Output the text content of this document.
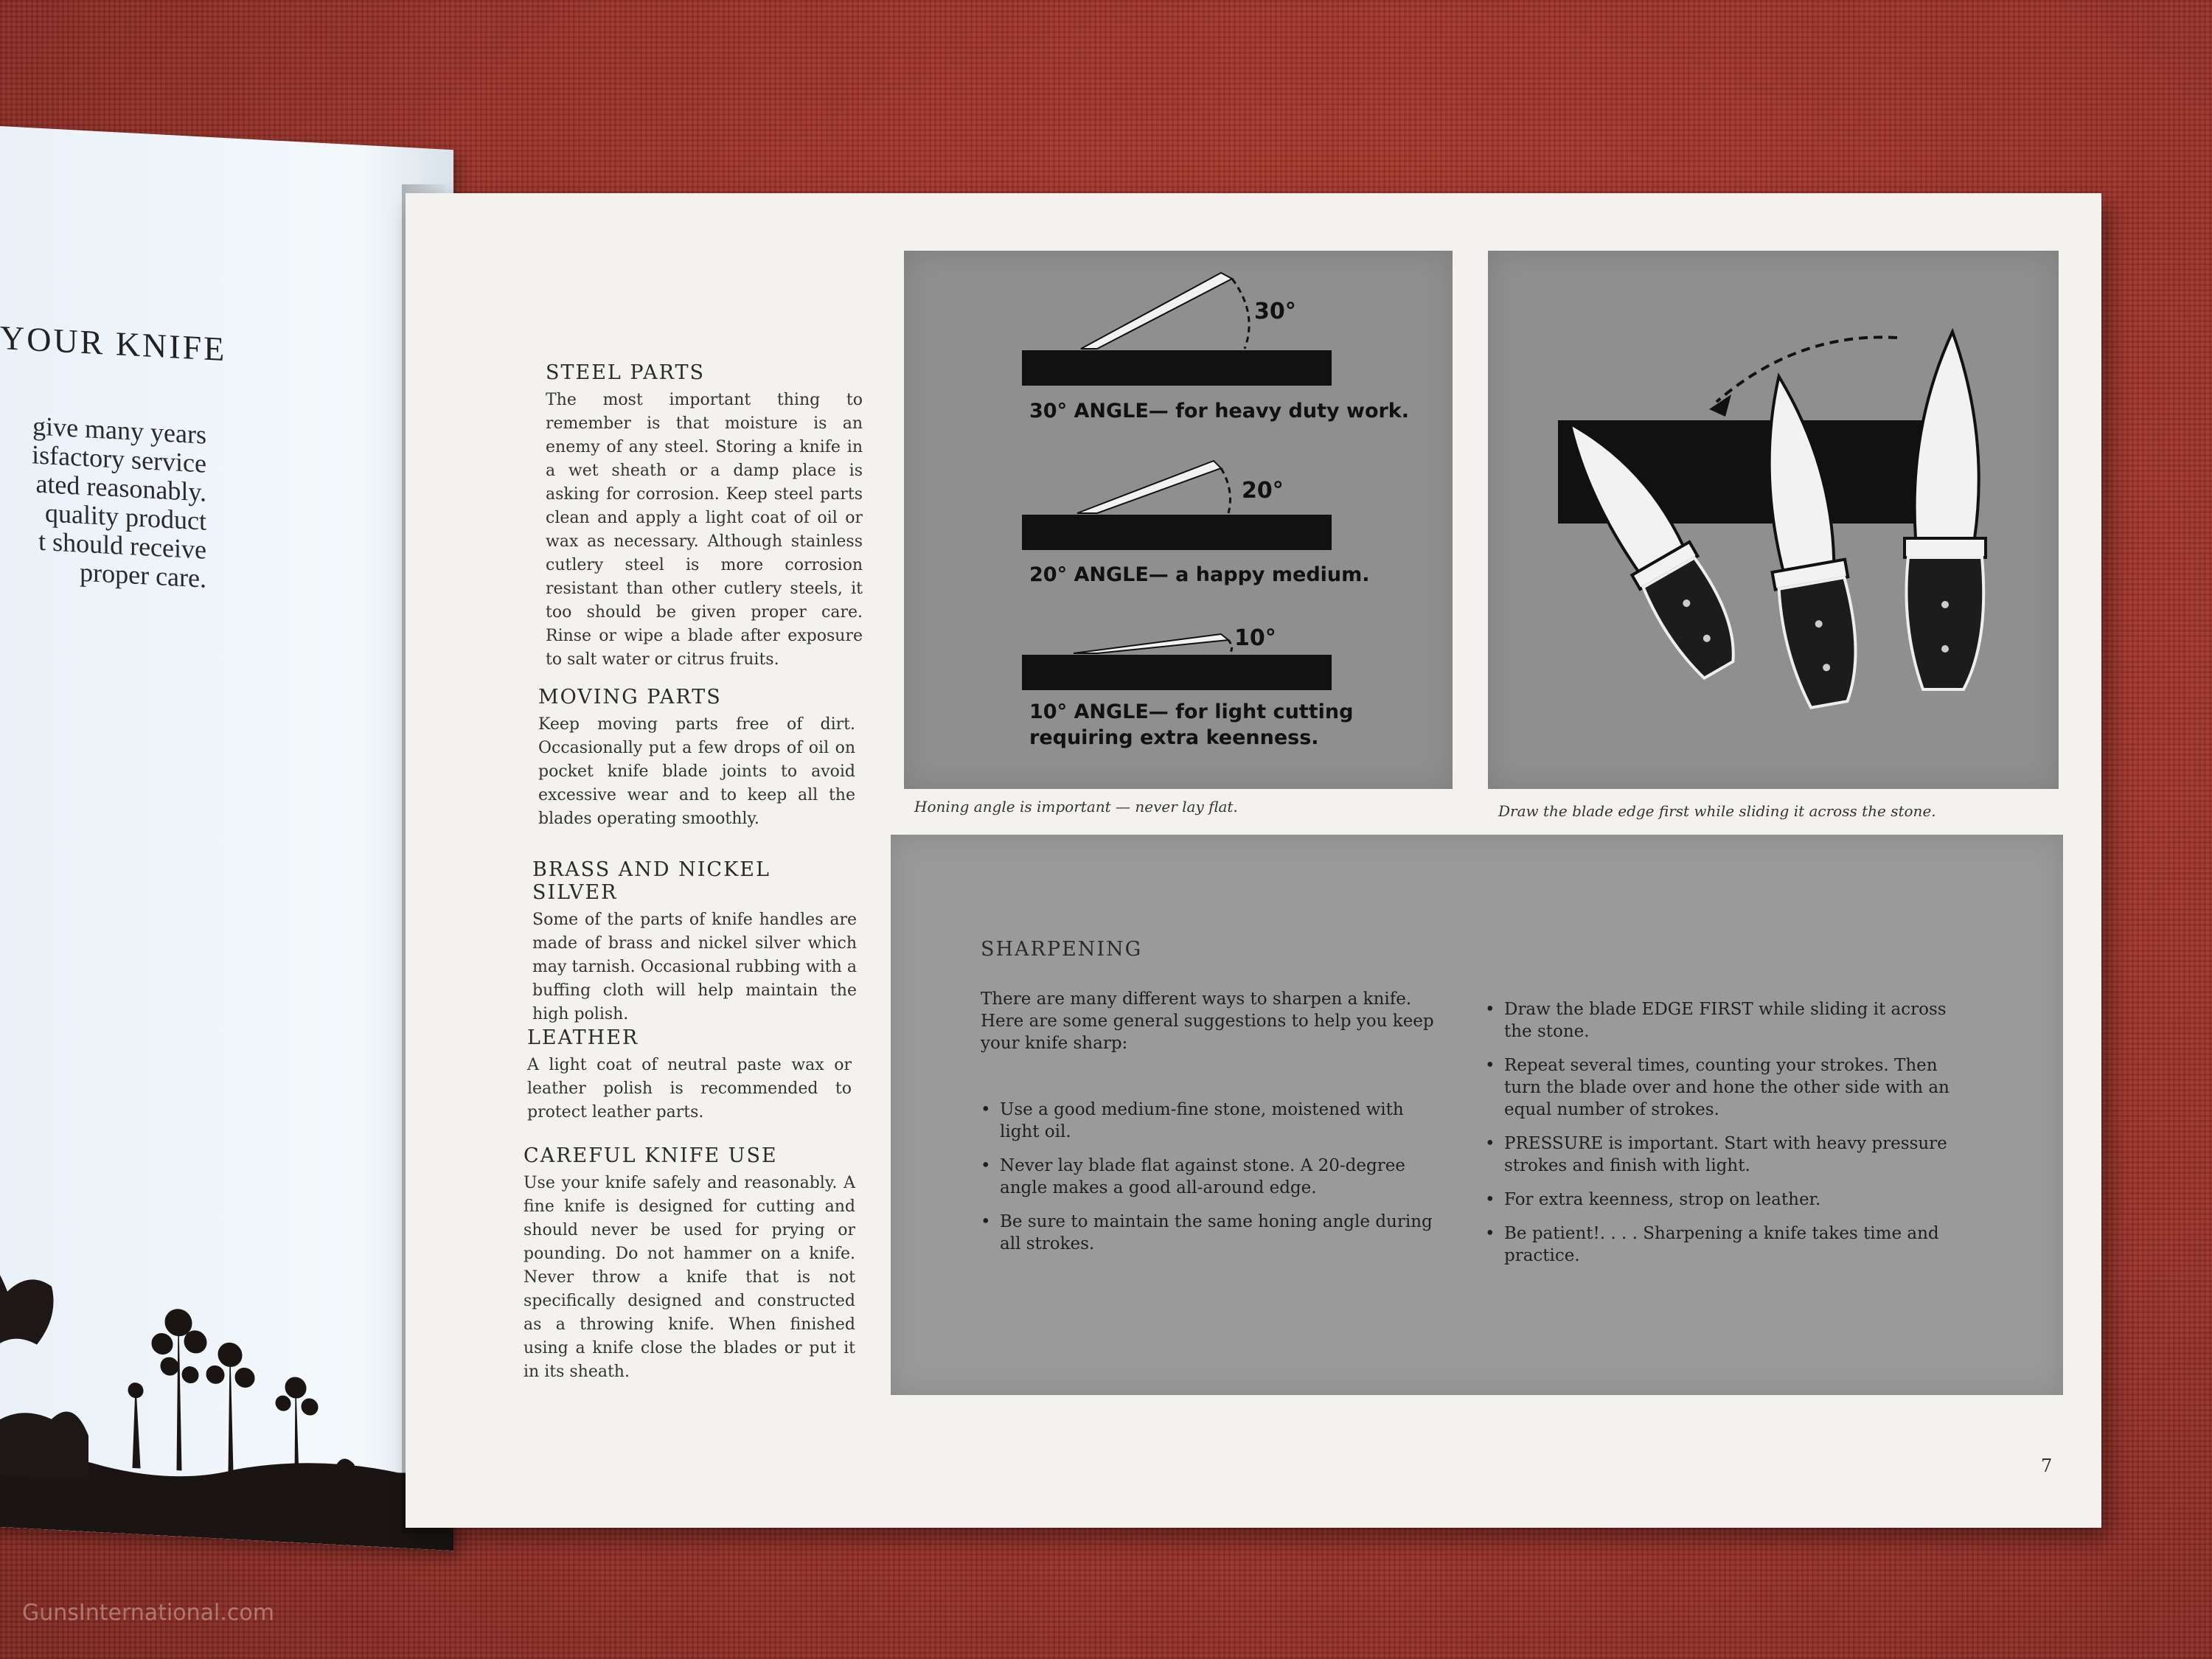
YOUR KNIFE
give many years
isfactory service
ated reasonably.
quality product
t should receive
proper care.

STEEL PARTS

The most important thing to remember is that moisture is an enemy of any steel. Storing a knife in a wet sheath or a damp place is asking for corrosion. Keep steel parts clean and apply a light coat of oil or wax as necessary. Although stainless cutlery steel is more corrosion resistant than other cutlery steels, it too should be given proper care. Rinse or wipe a blade after exposure to salt water or citrus fruits.

MOVING PARTS

Keep moving parts free of dirt. Occasionally put a few drops of oil on pocket knife blade joints to avoid excessive wear and to keep all the blades operating smoothly.

BRASS AND NICKEL SILVER

Some of the parts of knife handles are made of brass and nickel silver which may tarnish. Occasional rubbing with a buffing cloth will help maintain the high polish.

LEATHER

A light coat of neutral paste wax or leather polish is recommended to protect leather parts.

CAREFUL KNIFE USE

Use your knife safely and reasonably. A fine knife is designed for cutting and should never be used for prying or pounding. Do not hammer on a knife. Never throw a knife that is not specifically designed and constructed as a throwing knife. When finished using a knife close the blades or put it in its sheath.

30°
20°
10°
30° ANGLE— for heavy duty work.
20° ANGLE— a happy medium.
10° ANGLE— for light cutting
requiring extra keenness.
Honing angle is important — never lay flat.	Draw the blade edge first while sliding it across the stone.
SHARPENING
There are many different ways to sharpen a knife. Here are some general suggestions to help you keep your knife sharp:
• Use a good medium-fine stone, moistened with light oil.
• Never lay blade flat against stone. A 20-degree angle makes a good all-around edge.
• Be sure to maintain the same honing angle during all strokes.
• Draw the blade EDGE FIRST while sliding it across the stone.
• Repeat several times, counting your strokes. Then turn the blade over and hone the other side with an equal number of strokes.
• PRESSURE is important. Start with heavy pressure strokes and finish with light.
• For extra keenness, strop on leather.
• Be patient!. . . . Sharpening a knife takes time and practice.
7
GunsInternational.com
